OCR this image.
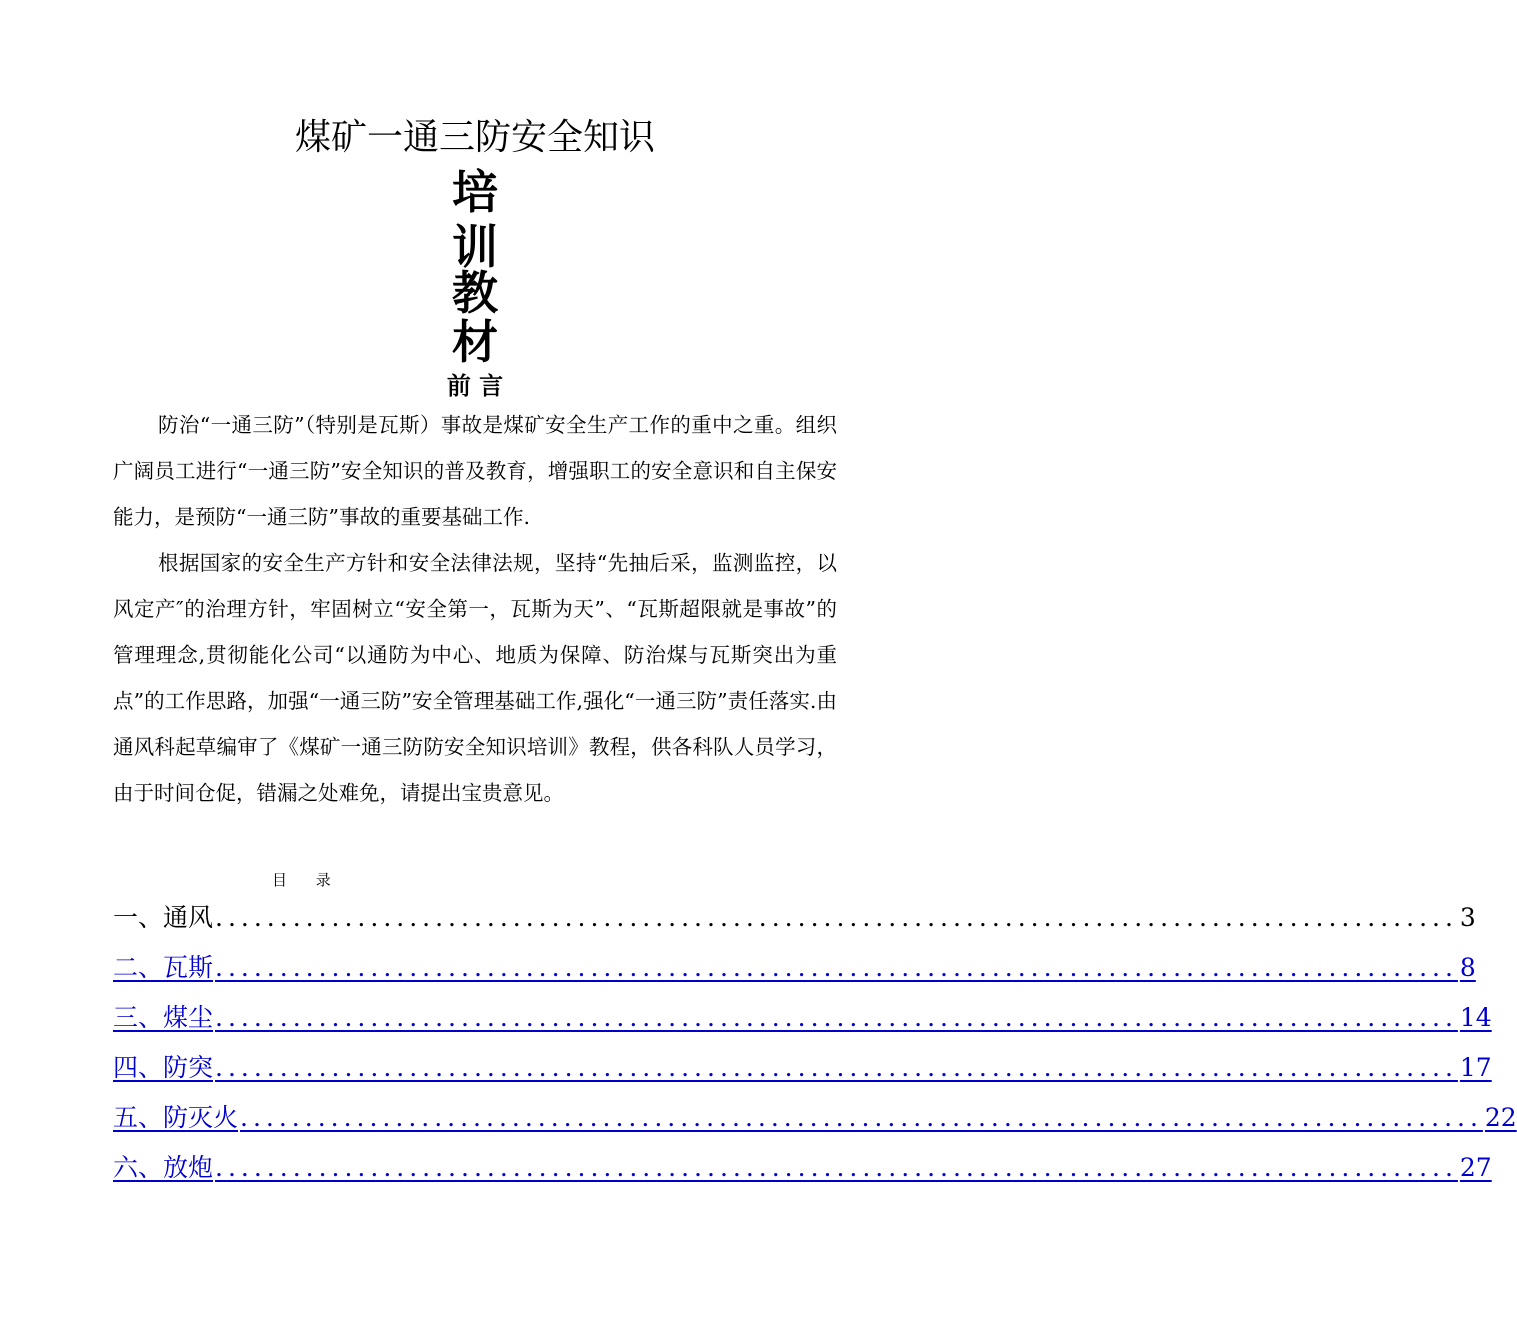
煤矿一通三防安全知识
培
训
教
材
前 言

防治“一通三防”（特别是瓦斯）事故是煤矿安全生产工作的重中之重。组织广阔员工进行“一通三防”安全知识的普及教育，增强职工的安全意识和自主保安能力，是预防“一通三防”事故的重要基础工作.

根据国家的安全生产方针和安全法律法规，坚持“先抽后采，监测监控，以风定产″的治理方针，牢固树立“安全第一，瓦斯为天”、“瓦斯超限就是事故”的管理理念,贯彻能化公司“以通防为中心、地质为保障、防治煤与瓦斯突出为重点”的工作思路，加强“一通三防”安全管理基础工作,强化“一通三防”责任落实.由通风科起草编审了《煤矿一通三防防安全知识培训》教程，供各科队人员学习，由于时间仓促，错漏之处难免，请提出宝贵意见。

目 录
一、通风 ................................................................................................ 3
二、瓦斯 ................................................................................................ 8
三、煤尘 ................................................................................................ 14
四、防突 ................................................................................................ 17
五、防灭火 ................................................................................................ 22
六、放炮 ................................................................................................ 27
